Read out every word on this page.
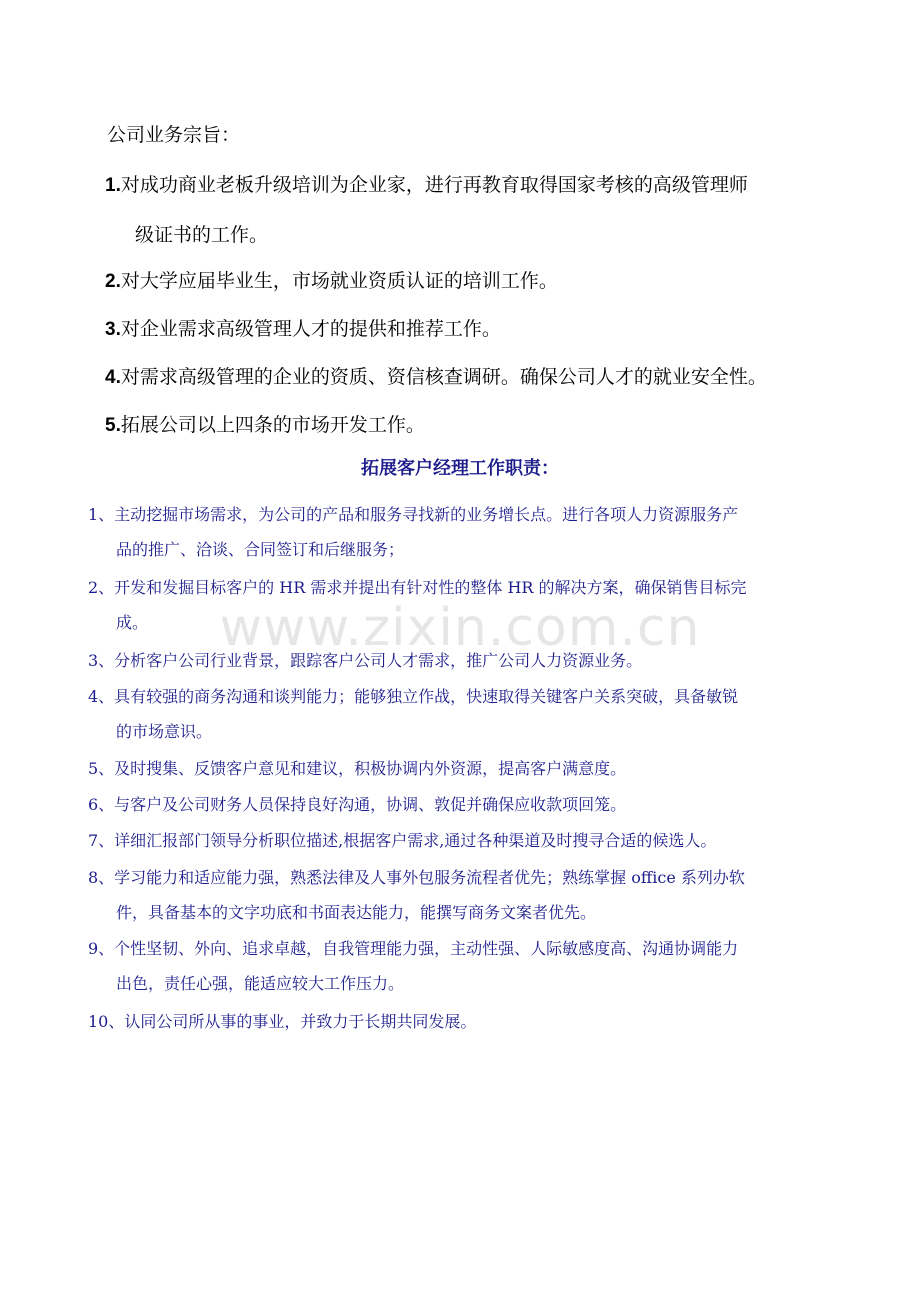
www.zixin.com.cn
公司业务宗旨：
1.对成功商业老板升级培训为企业家，进行再教育取得国家考核的高级管理师
级证书的工作。
2.对大学应届毕业生，市场就业资质认证的培训工作。
3.对企业需求高级管理人才的提供和推荐工作。
4.对需求高级管理的企业的资质、资信核查调研。确保公司人才的就业安全性。
5.拓展公司以上四条的市场开发工作。
拓展客户经理工作职责：
1、主动挖掘市场需求，为公司的产品和服务寻找新的业务增长点。进行各项人力资源服务产
品的推广、洽谈、合同签订和后继服务；
2、开发和发掘目标客户的 HR 需求并提出有针对性的整体 HR 的解决方案，确保销售目标完
成。
3、分析客户公司行业背景，跟踪客户公司人才需求，推广公司人力资源业务。
4、具有较强的商务沟通和谈判能力；能够独立作战，快速取得关键客户关系突破，具备敏锐
的市场意识。
5、及时搜集、反馈客户意见和建议，积极协调内外资源，提高客户满意度。
6、与客户及公司财务人员保持良好沟通，协调、敦促并确保应收款项回笼。
7、详细汇报部门领导分析职位描述,根据客户需求,通过各种渠道及时搜寻合适的候选人。
8、学习能力和适应能力强，熟悉法律及人事外包服务流程者优先；熟练掌握 office 系列办软
件，具备基本的文字功底和书面表达能力，能撰写商务文案者优先。
9、个性坚韧、外向、追求卓越，自我管理能力强，主动性强、人际敏感度高、沟通协调能力
出色，责任心强，能适应较大工作压力。
10、认同公司所从事的事业，并致力于长期共同发展。
